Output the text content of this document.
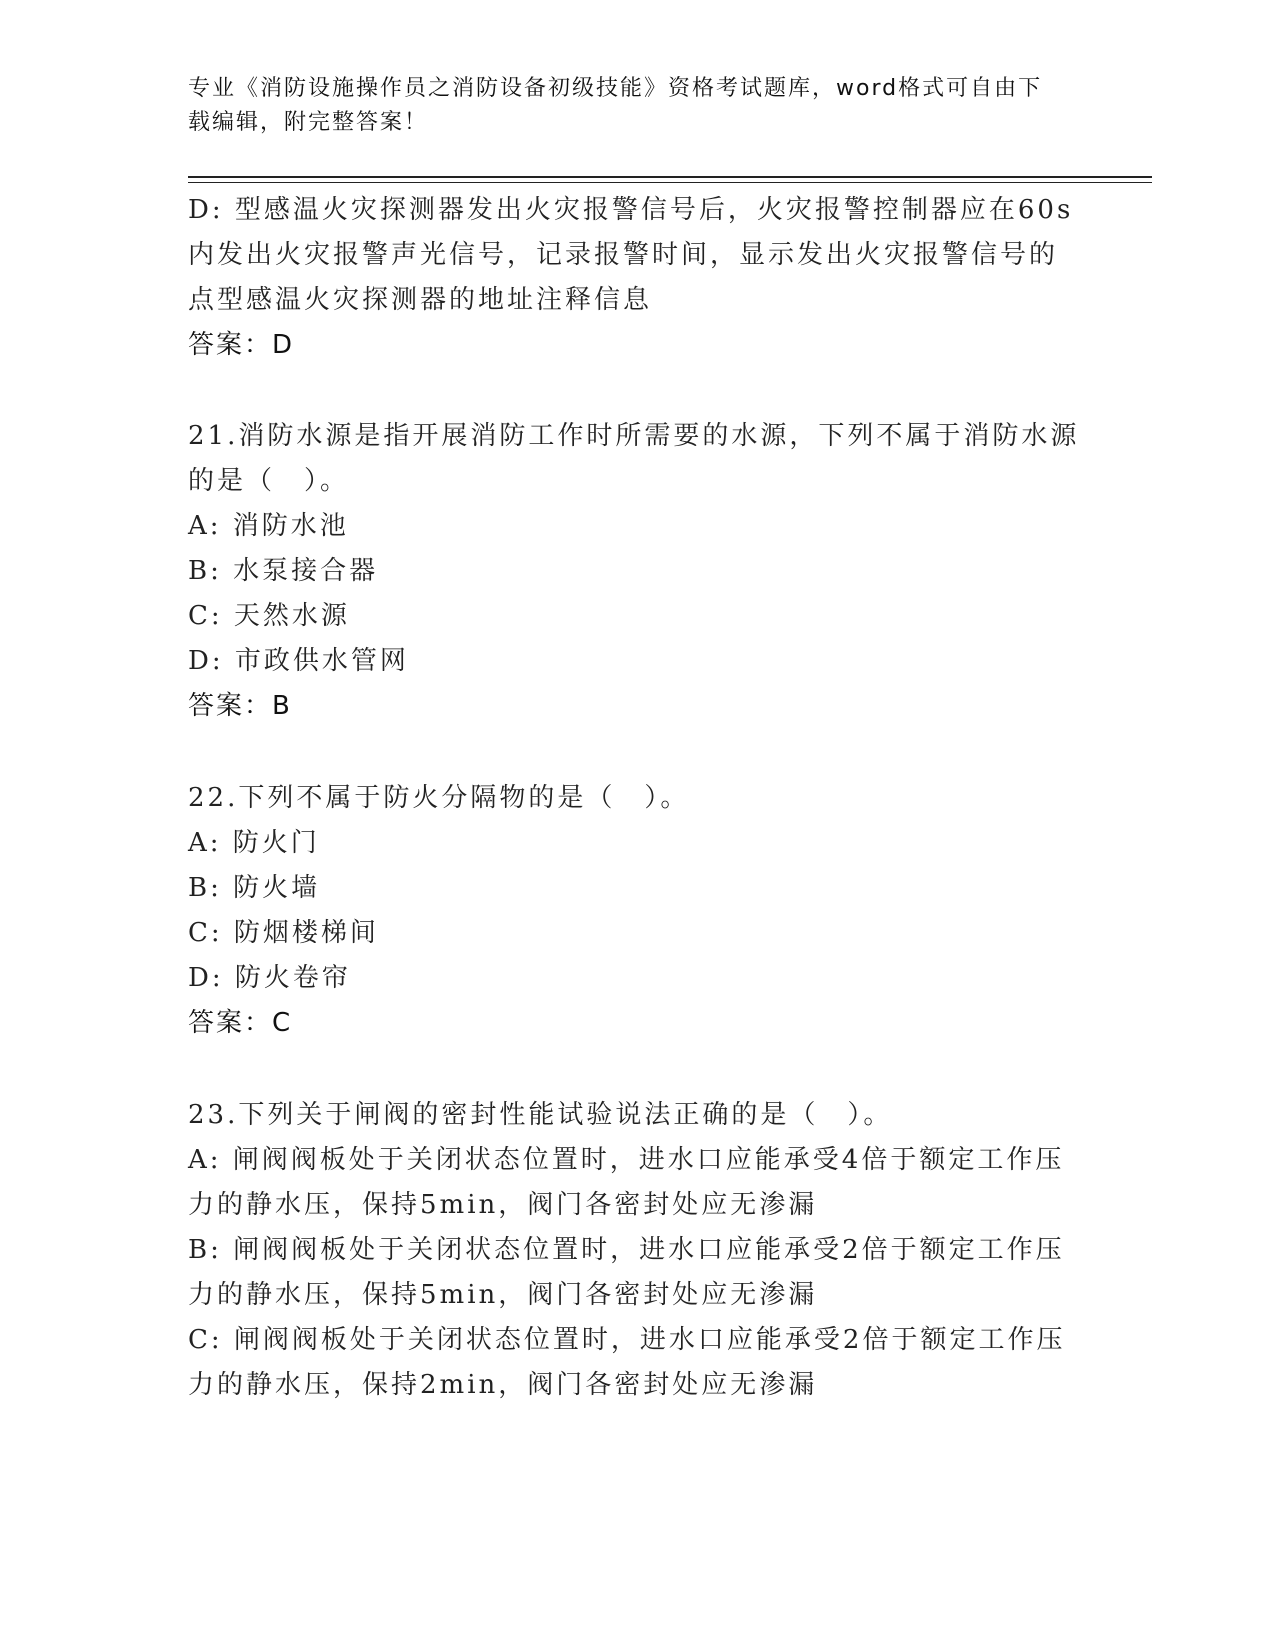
专业《消防设施操作员之消防设备初级技能》资格考试题库，word格式可自由下
载编辑，附完整答案！
D: 型感温火灾探测器发出火灾报警信号后，火灾报警控制器应在60s
内发出火灾报警声光信号，记录报警时间，显示发出火灾报警信号的
点型感温火灾探测器的地址注释信息
答案：D
21.消防水源是指开展消防工作时所需要的水源，下列不属于消防水源
的是（　）。
A: 消防水池
B: 水泵接合器
C: 天然水源
D: 市政供水管网
答案：B
22.下列不属于防火分隔物的是（　）。
A: 防火门
B: 防火墙
C: 防烟楼梯间
D: 防火卷帘
答案：C
23.下列关于闸阀的密封性能试验说法正确的是（　）。
A: 闸阀阀板处于关闭状态位置时，进水口应能承受4倍于额定工作压
力的静水压，保持5min，阀门各密封处应无渗漏
B: 闸阀阀板处于关闭状态位置时，进水口应能承受2倍于额定工作压
力的静水压，保持5min，阀门各密封处应无渗漏
C: 闸阀阀板处于关闭状态位置时，进水口应能承受2倍于额定工作压
力的静水压，保持2min，阀门各密封处应无渗漏
